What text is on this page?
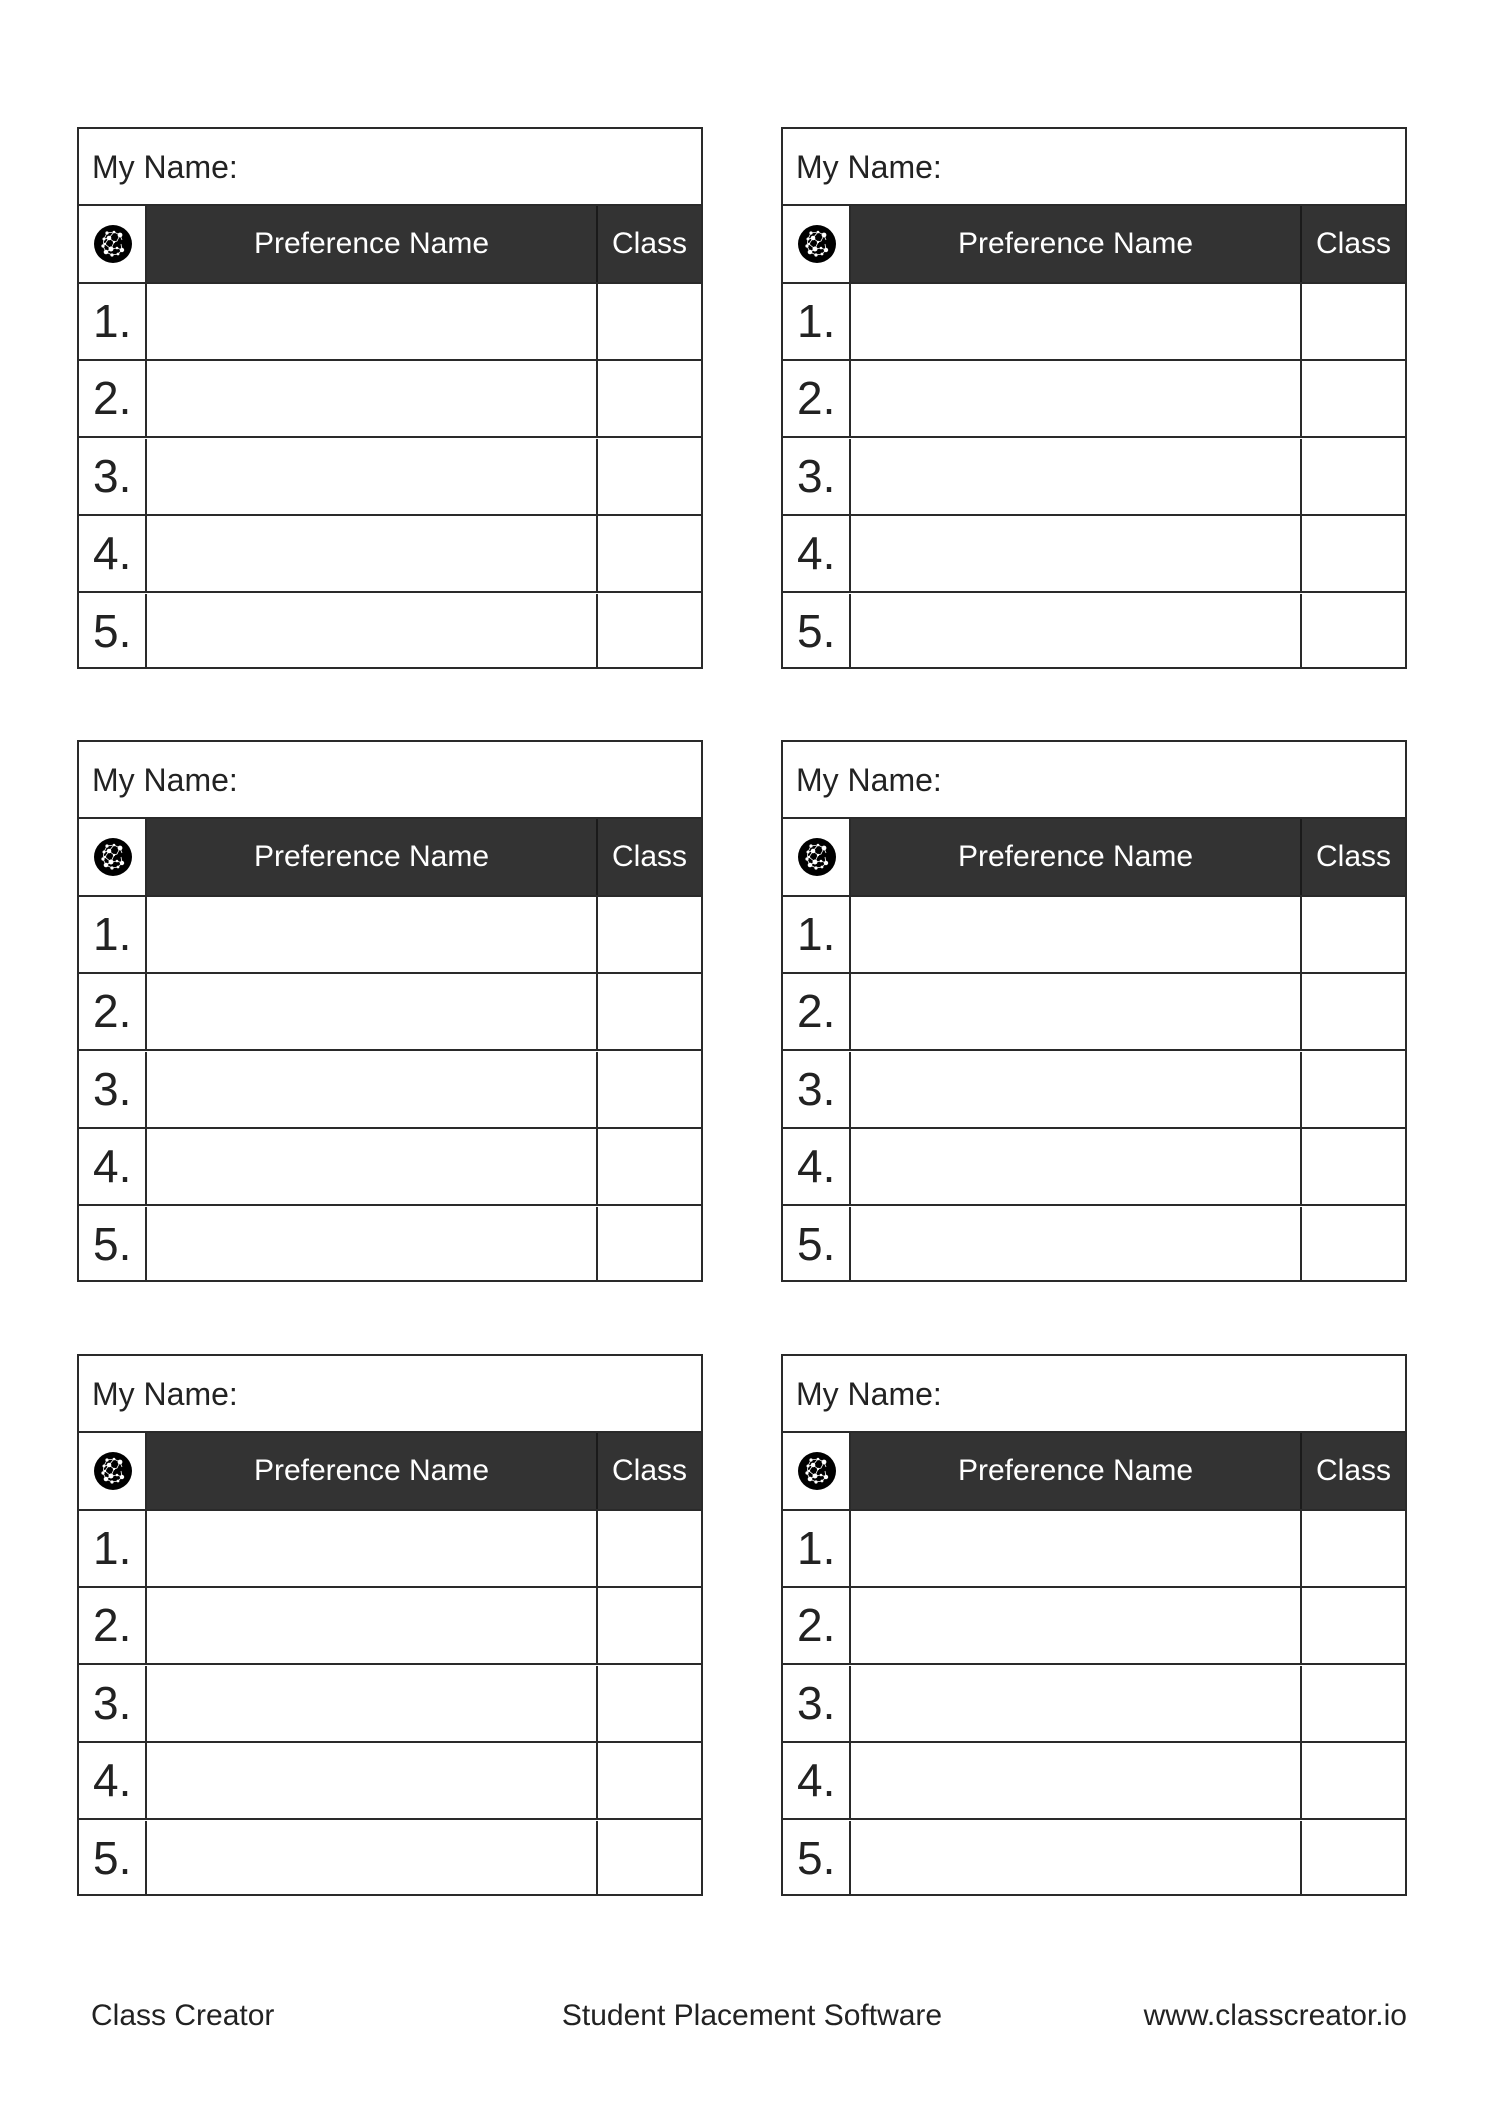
My Name:
Preference Name	Class
1.
2.
3.
4.
5.
My Name:
Preference Name	Class
1.
2.
3.
4.
5.
My Name:
Preference Name	Class
1.
2.
3.
4.
5.
My Name:
Preference Name	Class
1.
2.
3.
4.
5.
My Name:
Preference Name	Class
1.
2.
3.
4.
5.
My Name:
Preference Name	Class
1.
2.
3.
4.
5.
Class Creator	Student Placement Software	www.classcreator.io
